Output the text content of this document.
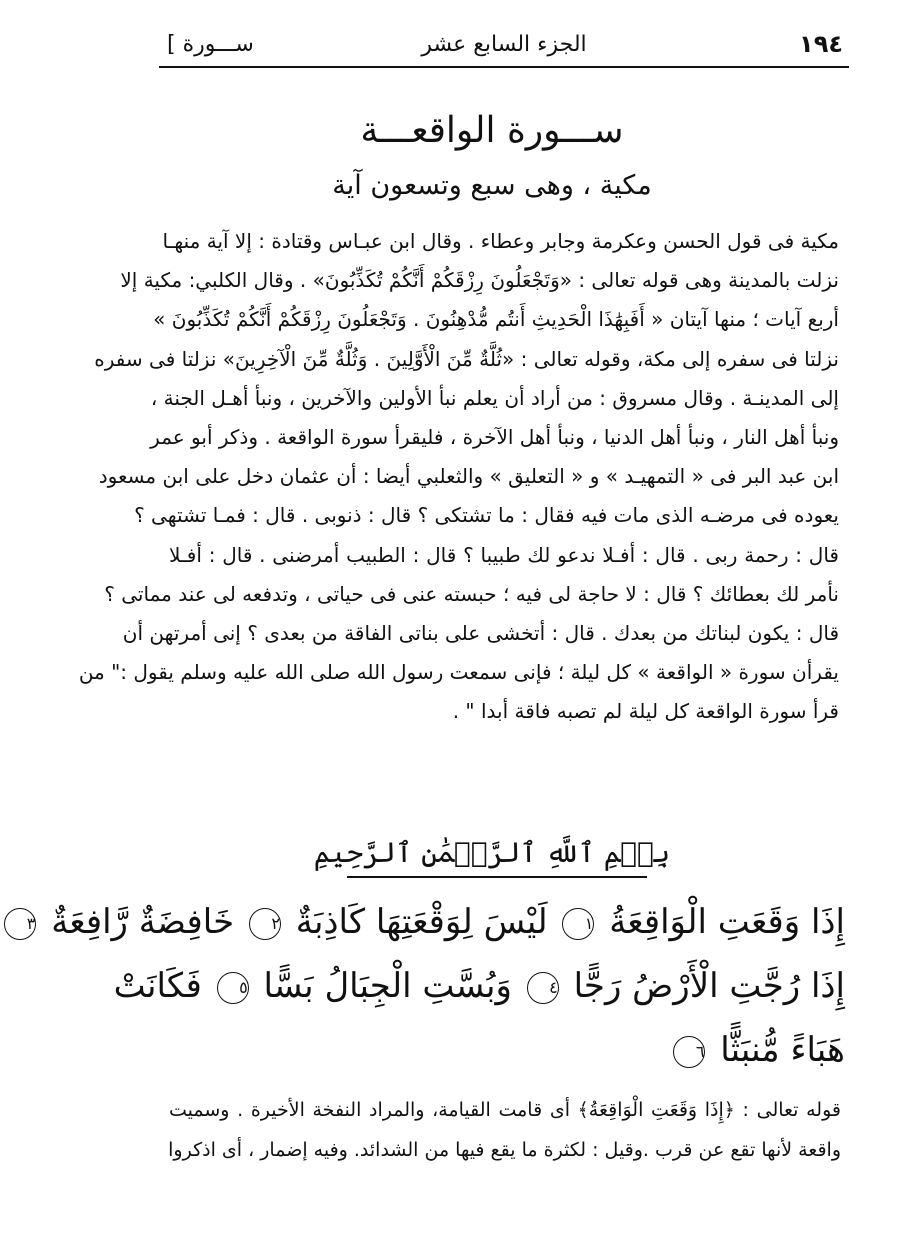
[ ســـورة	الجزء السابع عشر	١٩٤
ســـورة الواقعـــة
مكية ، وهى سبع وتسعون آية
مكية فى قول الحسن وعكرمة وجابر وعطاء . وقال ابن عبـاس وقتادة : إلا آية منهـا
نزلت بالمدينة وهى قوله تعالى : «وَتَجْعَلُونَ رِزْقَكُمْ أَنَّكُمْ تُكَذِّبُونَ» . وقال الكلبي: مكية إلا
أربع آيات ؛ منها آيتان « أَفَبِهَٰذَا الْحَدِيثِ أَنتُم مُّدْهِنُونَ . وَتَجْعَلُونَ رِزْقَكُمْ أَنَّكُمْ تُكَذِّبُونَ »
نزلتا فى سفره إلى مكة، وقوله تعالى : «ثُلَّةٌ مِّنَ الْأَوَّلِينَ . وَثُلَّةٌ مِّنَ الْآخِرِينَ» نزلتا فى سفره
إلى المدينـة . وقال مسروق : من أراد أن يعلم نبأ الأولين والآخرين ، ونبأ أهـل الجنة ،
ونبأ أهل النار ، ونبأ أهل الدنيا ، ونبأ أهل الآخرة ، فليقرأ سورة الواقعة . وذكر أبو عمر
ابن عبد البر فى « التمهيـد » و « التعليق » والثعلبي أيضا : أن عثمان دخل على ابن مسعود
يعوده فى مرضـه الذى مات فيه فقال : ما تشتكى ؟ قال : ذنوبى . قال : فمـا تشتهى ؟
قال : رحمة ربى . قال : أفـلا ندعو لك طبيبا ؟ قال : الطبيب أمرضنى . قال : أفـلا
نأمر لك بعطائك ؟ قال : لا حاجة لى فيه ؛ حبسته عنى فى حياتى ، وتدفعه لى عند مماتى ؟
قال : يكون لبناتك من بعدك . قال : أتخشى على بناتى الفاقة من بعدى ؟ إنى أمرتهن أن
يقرأن سورة « الواقعة » كل ليلة ؛ فإنى سمعت رسول الله صلى الله عليه وسلم يقول :" من
قرأ سورة الواقعة كل ليلة لم تصبه فاقة أبدا " .
بِسۡمِ ٱللَّهِ ٱلرَّحۡمَٰنِ ٱلرَّحِيمِ
إِذَا وَقَعَتِ الْوَاقِعَةُ ١ لَيْسَ لِوَقْعَتِهَا كَاذِبَةٌ ٢ خَافِضَةٌ رَّافِعَةٌ ٣
إِذَا رُجَّتِ الْأَرْضُ رَجًّا ٤ وَبُسَّتِ الْجِبَالُ بَسًّا ٥ فَكَانَتْ
هَبَاءً مُّنبَثًّا ٦
قوله تعالى : ﴿إِذَا وَقَعَتِ الْوَاقِعَةُ﴾ أى قامت القيامة، والمراد النفخة الأخيرة . وسميت
واقعة لأنها تقع عن قرب .وقيل : لكثرة ما يقع فيها من الشدائد. وفيه إضمار ، أى اذكروا
